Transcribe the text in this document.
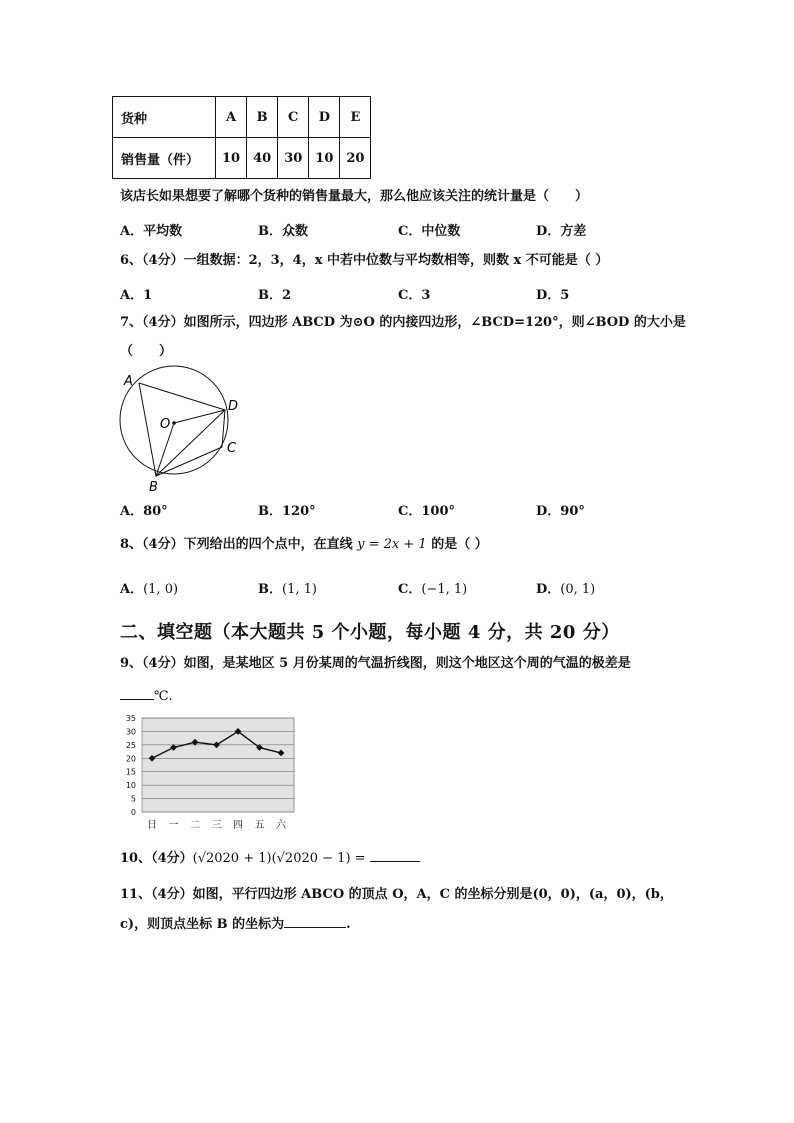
货种	A	B	C	D	E
销售量（件）	10	40	30	10	20
该店长如果想要了解哪个货种的销售量最大，那么他应该关注的统计量是（　　）
A．平均数	B．众数	C．中位数	D．方差
6、（4分）一组数据：2，3，4，x 中若中位数与平均数相等，则数 x 不可能是（ ）
A．1	B．2	C．3	D．5
7、（4分）如图所示，四边形 ABCD 为⊙O 的内接四边形，∠BCD=120°，则∠BOD 的大小是
（　　）
A
B
C
D
O
A．80°	B．120°	C．100°	D．90°
8、（4分）下列给出的四个点中，在直线 y = 2x + 1 的是（ ）
A．(1, 0)	B．(1, 1)	C．(−1, 1)	D．(0, 1)
二、填空题（本大题共 5 个小题，每小题 4 分，共 20 分）
9、（4分）如图，是某地区 5 月份某周的气温折线图，则这个地区这个周的气温的极差是
℃.
0
5
10
15
20
25
30
35
日 一 二 三 四 五 六
10、（4分）(√2020 + 1)(√2020 − 1) =
11、（4分）如图，平行四边形 ABCO 的顶点 O，A，C 的坐标分别是(0，0)，(a，0)，(b，
c)，则顶点坐标 B 的坐标为	.
